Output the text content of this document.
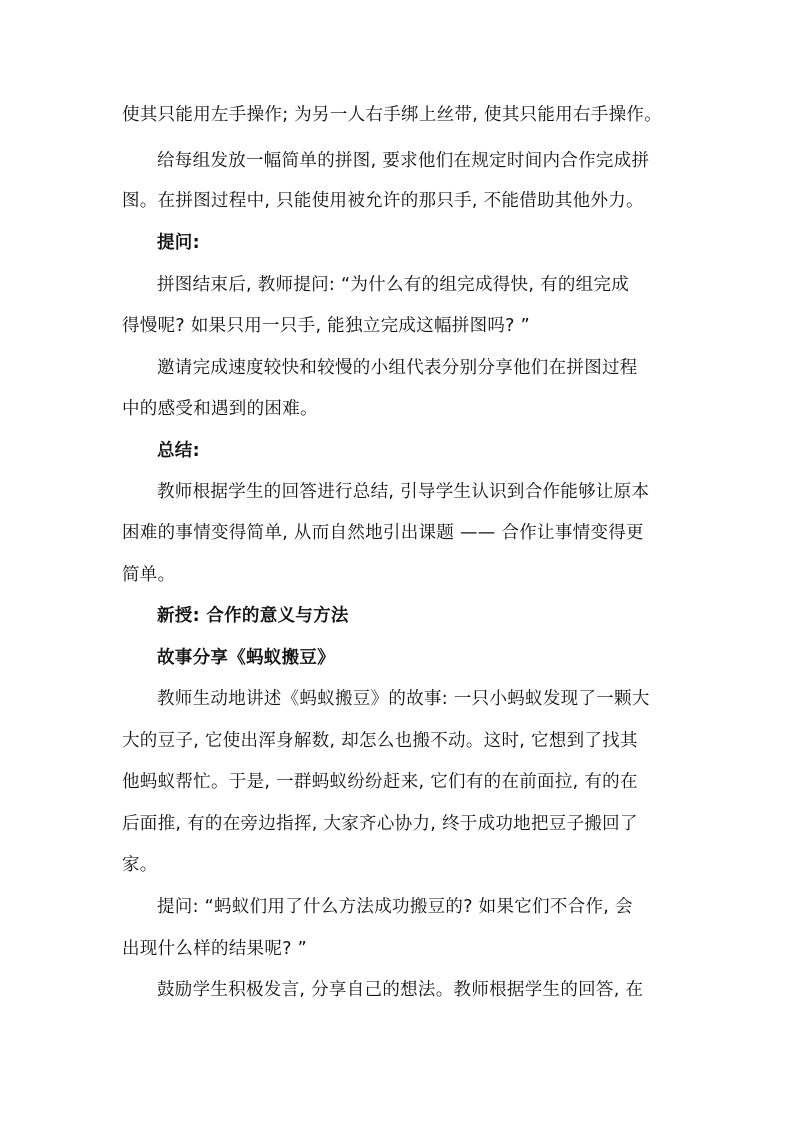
使其只能用左手操作; 为另一人右手绑上丝带, 使其只能用右手操作。
给每组发放一幅简单的拼图, 要求他们在规定时间内合作完成拼
图。在拼图过程中, 只能使用被允许的那只手, 不能借助其他外力。
提问:
拼图结束后, 教师提问: “为什么有的组完成得快, 有的组完成
得慢呢? 如果只用一只手, 能独立完成这幅拼图吗? ”
邀请完成速度较快和较慢的小组代表分别分享他们在拼图过程
中的感受和遇到的困难。
总结:
教师根据学生的回答进行总结, 引导学生认识到合作能够让原本
困难的事情变得简单, 从而自然地引出课题 —— 合作让事情变得更
简单。
新授: 合作的意义与方法
故事分享《蚂蚁搬豆》
教师生动地讲述《蚂蚁搬豆》的故事: 一只小蚂蚁发现了一颗大
大的豆子, 它使出浑身解数, 却怎么也搬不动。这时, 它想到了找其
他蚂蚁帮忙。于是, 一群蚂蚁纷纷赶来, 它们有的在前面拉, 有的在
后面推, 有的在旁边指挥, 大家齐心协力, 终于成功地把豆子搬回了
家。
提问: “蚂蚁们用了什么方法成功搬豆的? 如果它们不合作, 会
出现什么样的结果呢? ”
鼓励学生积极发言, 分享自己的想法。教师根据学生的回答, 在
